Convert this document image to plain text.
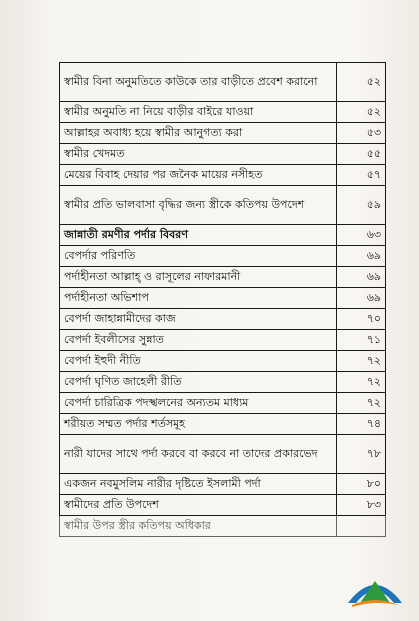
স্বামীর বিনা অনুমতিতে কাউকে তার বাড়ীতে প্রবেশ করানো	৫২
স্বামীর অনুমতি না নিয়ে বাড়ীর বাইরে যাওয়া	৫২
আল্লাহর অবাধ্য হয়ে স্বামীর আনুগত্য করা	৫৩
স্বামীর খেদমত	৫৫
মেয়ের বিবাহ দেয়ার পর জনৈক মায়ের নসীহত	৫৭
স্বামীর প্রতি ভালবাসা বৃদ্ধির জন্য স্ত্রীকে কতিপয় উপদেশ	৫৯
জান্নাতী রমণীর পর্দার বিবরণ	৬৩
বেপর্দার পরিণতি	৬৯
পর্দাহীনতা আল্লাহ্‌ ও রাসূলের নাফারমানী	৬৯
পর্দাহীনতা অভিশাপ	৬৯
বেপর্দা জাহান্নামীদের কাজ	৭০
বেপর্দা ইবলীসের সুন্নাত	৭১
বেপর্দা ইহুদী নীতি	৭২
বেপর্দা ঘৃণিত জাহেলী রীতি	৭২
বেপর্দা চারিত্রিক পদস্খলনের অন্যতম মাধ্যম	৭২
শরীয়ত সম্মত পর্দার শর্তসমূহ	৭৪
নারী যাদের সাথে পর্দা করবে বা করবে না তাদের প্রকারভেদ	৭৮
একজন নবমুসলিম নারীর দৃষ্টিতে ইসলামী পর্দা	৮০
স্বামীদের প্রতি উপদেশ	৮৩
স্বামীর উপর স্ত্রীর কতিপয় অধিকার	
